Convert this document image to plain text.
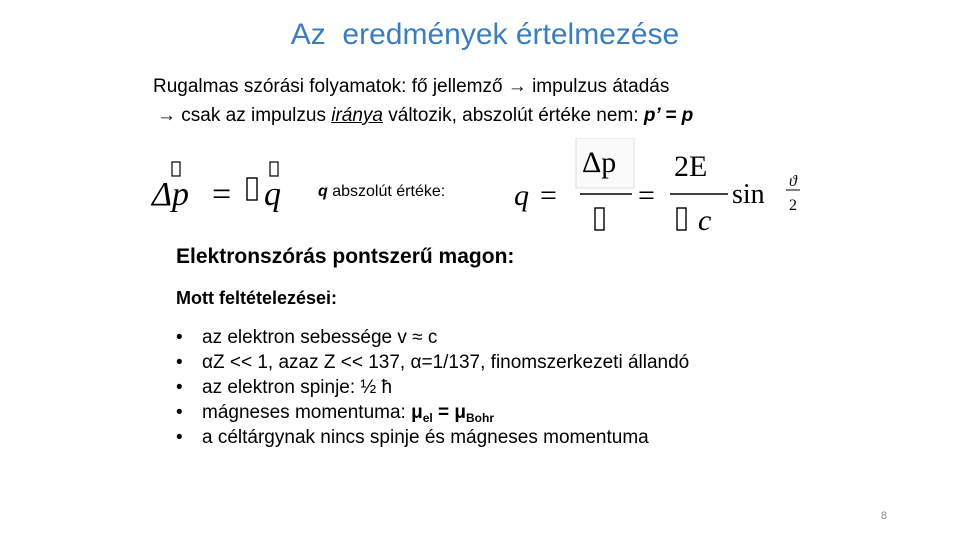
Az  eredmények értelmezése
Rugalmas szórási folyamatok: fő jellemző → impulzus átadás
→ csak az impulzus iránya változik, abszolút értéke nem: p’ = p
Δp = q q abszolút értéke: q =
Δp
=
2E
c
sin ϑ
2
Elektronszórás pontszerű magon:
Mott feltételezései:
• az elektron sebessége v ≈ c
• αZ << 1, azaz Z << 137, α=1/137, finomszerkezeti állandó
• az elektron spinje: ½ ħ
• mágneses momentuma: $\mu_{el} = \mu_{Bohr}$
• a céltárgynak nincs spinje és mágneses momentuma
8
